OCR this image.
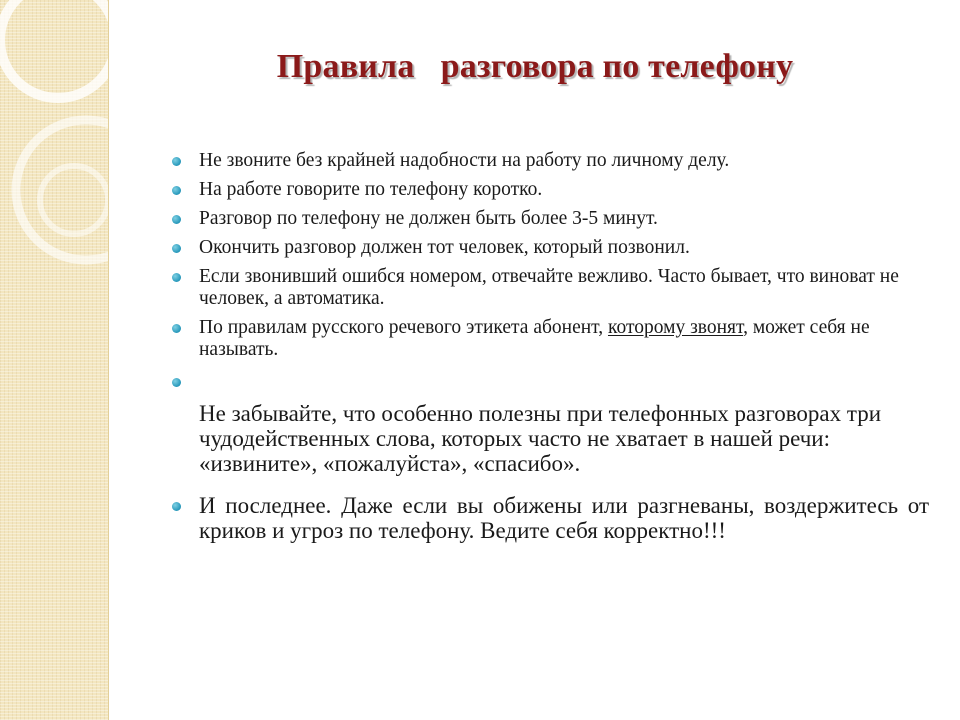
Правила   разговора по телефону
Не звоните без крайней надобности на работу по личному делу.
На работе говорите по телефону коротко.
Разговор по телефону не должен быть более 3-5 минут.
Окончить разговор должен тот человек, который позвонил.
Если звонивший ошибся номером, отвечайте вежливо. Часто бывает, что виноват не человек, а автоматика.
По правилам русского речевого этикета абонент, которому звонят, может себя не называть.
Не забывайте, что особенно полезны при телефонных разговорах три чудодейственных слова, которых часто не хватает в нашей речи: «извините», «пожалуйста», «спасибо».
И последнее. Даже если вы обижены или разгневаны, воздержитесь от криков и угроз по телефону. Ведите себя корректно!!!
